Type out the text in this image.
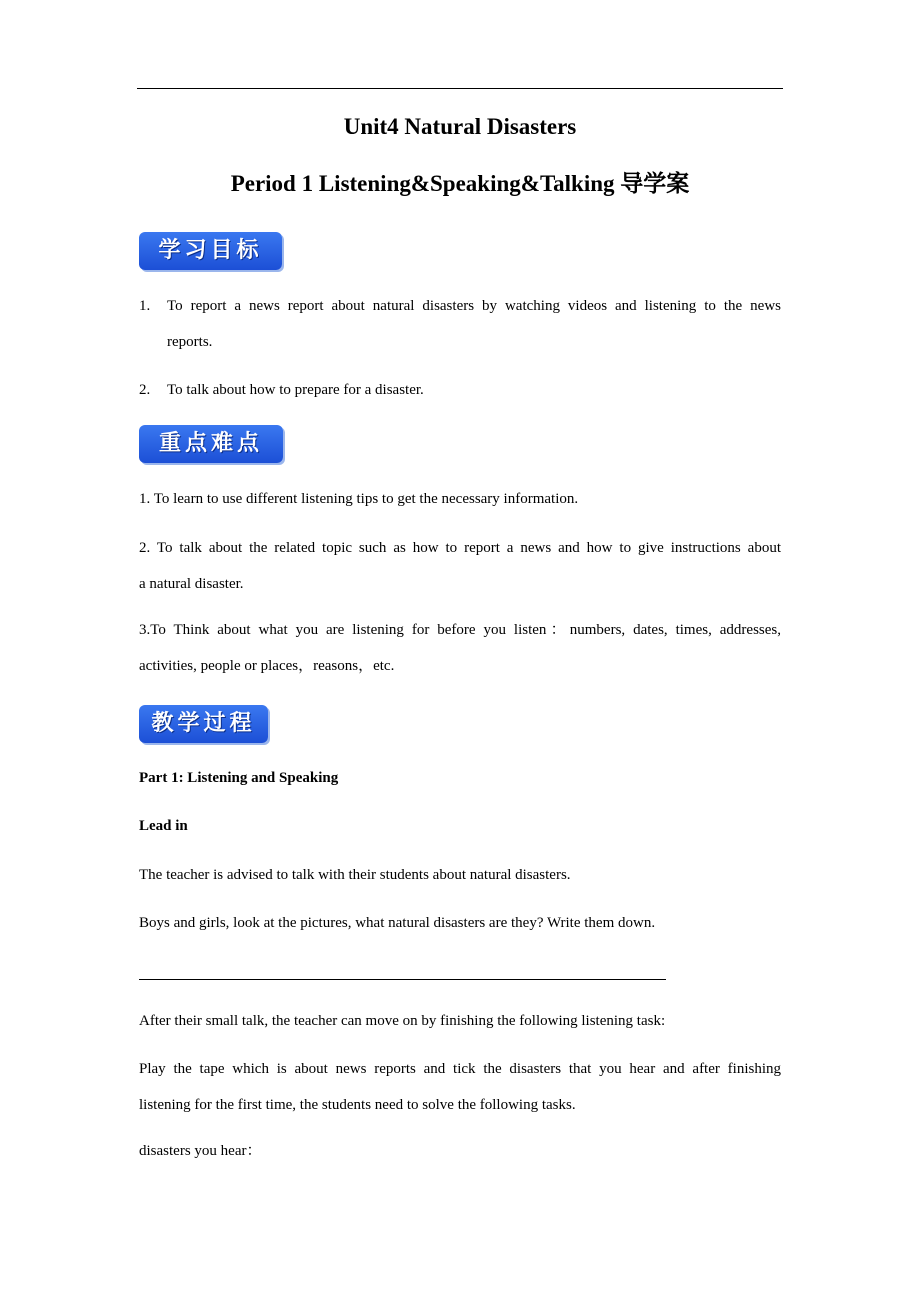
Unit4 Natural Disasters
Period 1 Listening&Speaking&Talking 导学案
学习目标
1. To report a news report about natural disasters by watching videos and listening to the news
reports.
2. To talk about how to prepare for a disaster.
重点难点
1. To learn to use different listening tips to get the necessary information.
2. To talk about the related topic such as how to report a news and how to give instructions about
a natural disaster.
3.To Think about what you are listening for before you listen：numbers, dates, times, addresses,
activities, people or places，reasons，etc.
教学过程
Part 1: Listening and Speaking
Lead in
The teacher is advised to talk with their students about natural disasters.
Boys and girls, look at the pictures, what natural disasters are they? Write them down.
After their small talk, the teacher can move on by finishing the following listening task:
Play the tape which is about news reports and tick the disasters that you hear and after finishing
listening for the first time, the students need to solve the following tasks.
disasters you hear：
